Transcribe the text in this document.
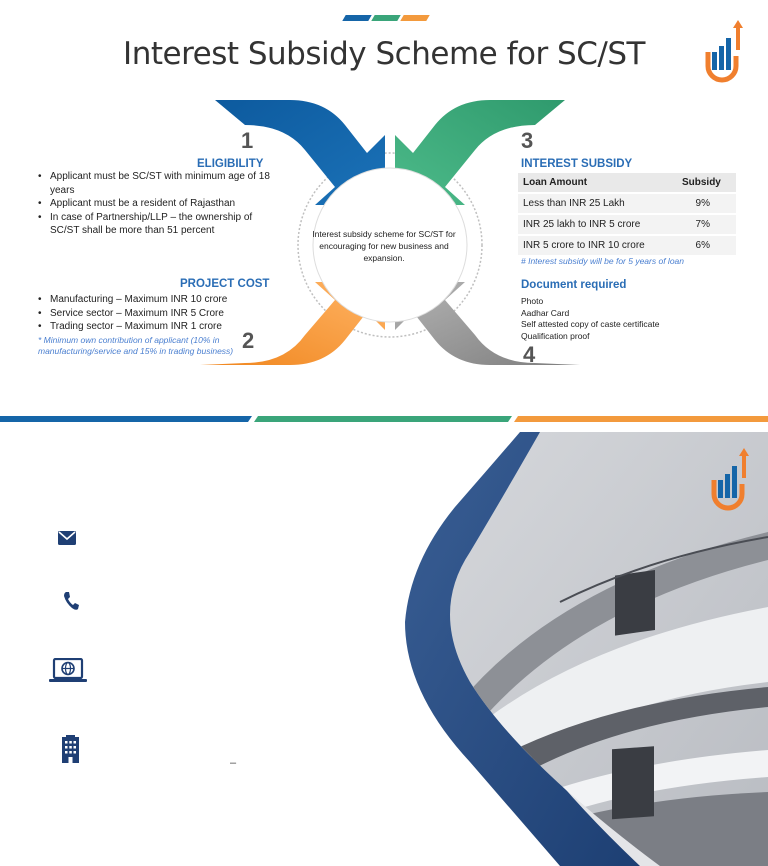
Interest Subsidy Scheme for SC/ST
Interest subsidy scheme for SC/ST for encouraging for new business and expansion.
1
2
3
4
ELIGIBILITY
• Applicant must be SC/ST with minimum age of 18 years
• Applicant must be a resident of Rajasthan
• In case of Partnership/LLP – the ownership of SC/ST shall be more than 51 percent
PROJECT COST
• Manufacturing – Maximum INR 10 crore
• Service sector – Maximum INR 5 Crore
• Trading sector – Maximum INR 1 crore
* Minimum own contribution of applicant (10% in manufacturing/service and 15% in trading business)
INTEREST SUBSIDY
Loan Amount	Subsidy
Less than INR 25 Lakh	9%
INR 25 lakh to INR 5 crore	7%
INR 5 crore to INR 10 crore	6%
# Interest subsidy will be for 5 years of loan
Document required
Photo
Aadhar Card
Self attested copy of caste certificate
Qualification proof
–
